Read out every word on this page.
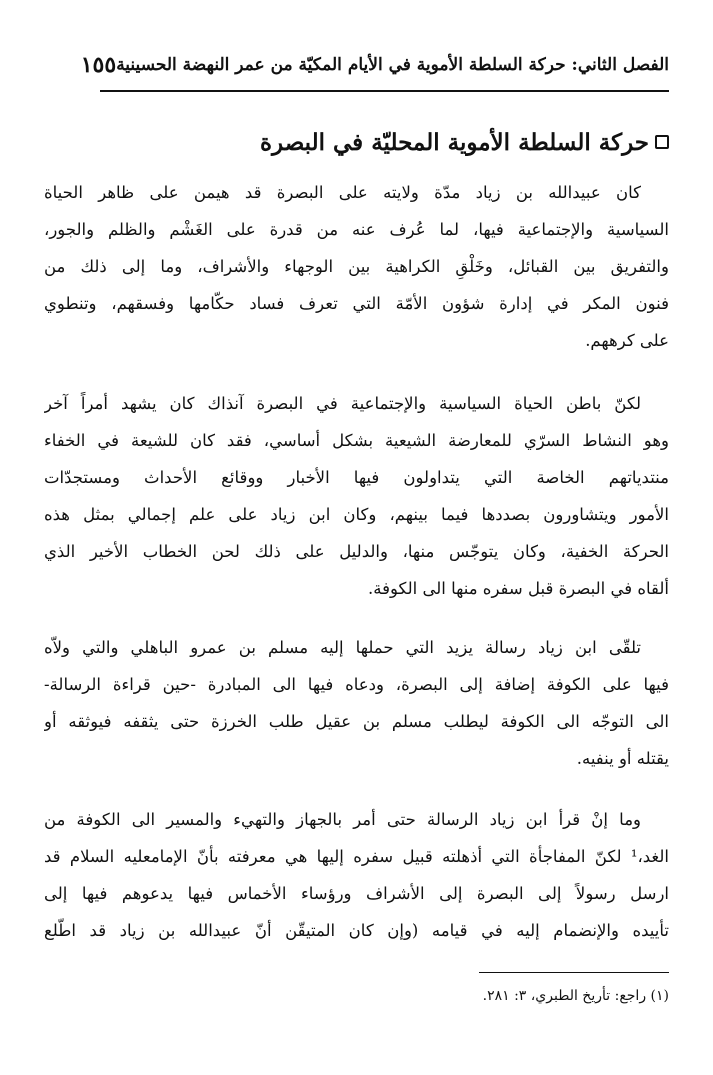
الفصل الثاني: حركة السلطة الأموية في الأيام المكيّة من عمر النهضة الحسينية
١٥٥
حركة السلطة الأموية المحليّة في البصرة
كان عبيدالله بن زياد مدّة ولايته على البصرة قد هيمن على ظاهر الحياة
السياسية والإجتماعية فيها، لما عُرف عنه من قدرة على الغَشْم والظلم والجور،
والتفريق بين القبائل، وخَلْقِ الكراهية بين الوجهاء والأشراف، وما إلى ذلك من
فنون المكر في إدارة شؤون الأمّة التي تعرف فساد حكّامها وفسقهم، وتنطوي
على كرههم.
لكنّ باطن الحياة السياسية والإجتماعية في البصرة آنذاك كان يشهد أمراً آخر
وهو النشاط السرّي للمعارضة الشيعية بشكل أساسي، فقد كان للشيعة في الخفاء
منتدياتهم الخاصة التي يتداولون فيها الأخبار ووقائع الأحداث ومستجدّات
الأمور ويتشاورون بصددها فيما بينهم، وكان ابن زياد على علم إجمالي بمثل هذه
الحركة الخفية، وكان يتوجّس منها، والدليل على ذلك لحن الخطاب الأخير الذي
ألقاه في البصرة قبل سفره منها الى الكوفة.
تلقّى ابن زياد رسالة يزيد التي حملها إليه مسلم بن عمرو الباهلي والتي ولاّه
فيها على الكوفة إضافة إلى البصرة، ودعاه فيها الى المبادرة -حين قراءة الرسالة-
الى التوجّه الى الكوفة ليطلب مسلم بن عقيل طلب الخرزة حتى يثقفه فيوثقه أو
يقتله أو ينفيه.
وما إنْ قرأ ابن زياد الرسالة حتى أمر بالجهاز والتهيء والمسير الى الكوفة من
الغد،¹ لكنّ المفاجأة التي أذهلته قبيل سفره إليها هي معرفته بأنّ الإمامعليه السلام قد
ارسل رسولاً إلى البصرة إلى الأشراف ورؤساء الأخماس فيها يدعوهم فيها إلى
تأييده والإنضمام إليه في قيامه (وإن كان المتيقّن أنّ عبيدالله بن زياد قد اطّلع
(١) راجع: تأريخ الطبري، ٣: ٢٨١.
